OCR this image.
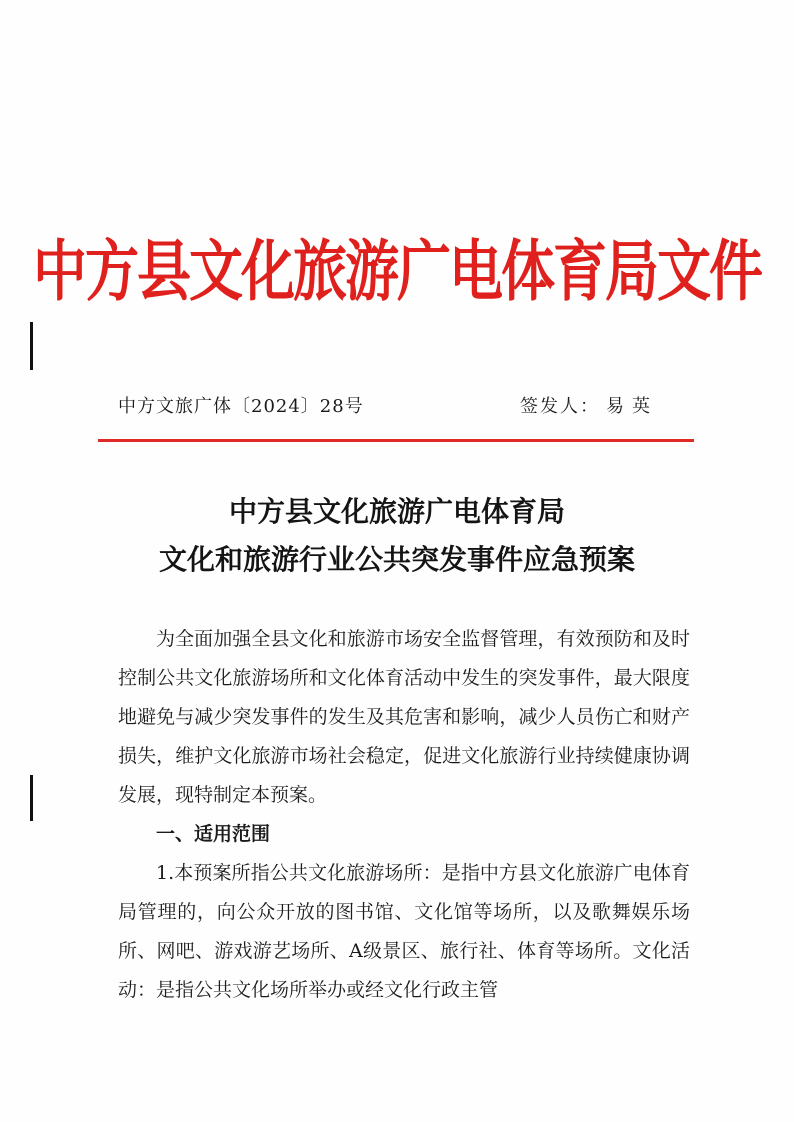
中方县文化旅游广电体育局文件
中方文旅广体〔2024〕28号	签发人： 易英
中方县文化旅游广电体育局
文化和旅游行业公共突发事件应急预案

为全面加强全县文化和旅游市场安全监督管理，有效预防和及时控制公共文化旅游场所和文化体育活动中发生的突发事件，最大限度地避免与减少突发事件的发生及其危害和影响，减少人员伤亡和财产损失，维护文化旅游市场社会稳定，促进文化旅游行业持续健康协调发展，现特制定本预案。

一、适用范围

1.本预案所指公共文化旅游场所：是指中方县文化旅游广电体育局管理的，向公众开放的图书馆、文化馆等场所，以及歌舞娱乐场所、网吧、游戏游艺场所、A级景区、旅行社、体育等场所。文化活动：是指公共文化场所举办或经文化行政主管
